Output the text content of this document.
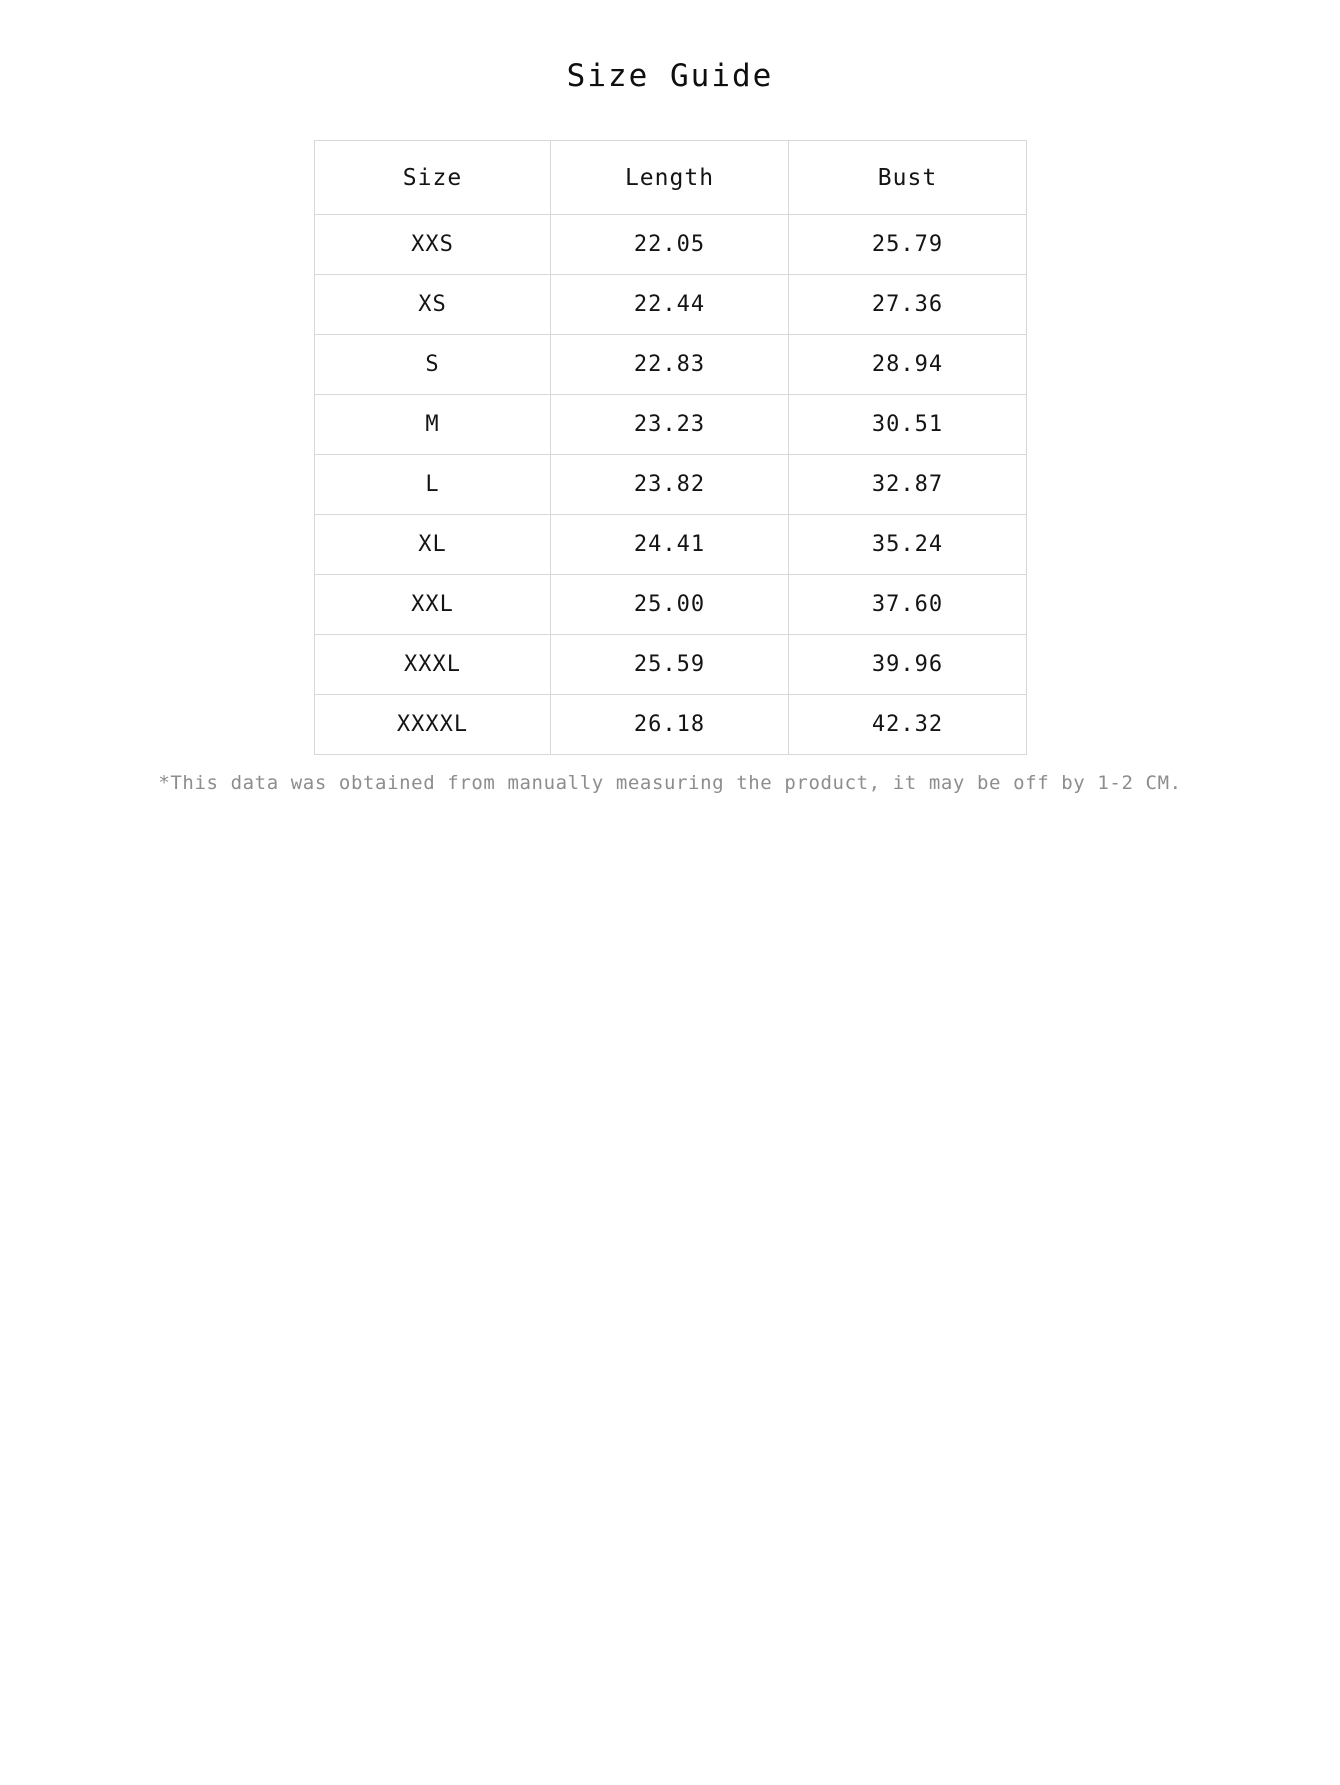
Size Guide
Size	Length	Bust
XXS	22.05	25.79
XS	22.44	27.36
S	22.83	28.94
M	23.23	30.51
L	23.82	32.87
XL	24.41	35.24
XXL	25.00	37.60
XXXL	25.59	39.96
XXXXL	26.18	42.32
*This data was obtained from manually measuring the product, it may be off by 1-2 CM.
